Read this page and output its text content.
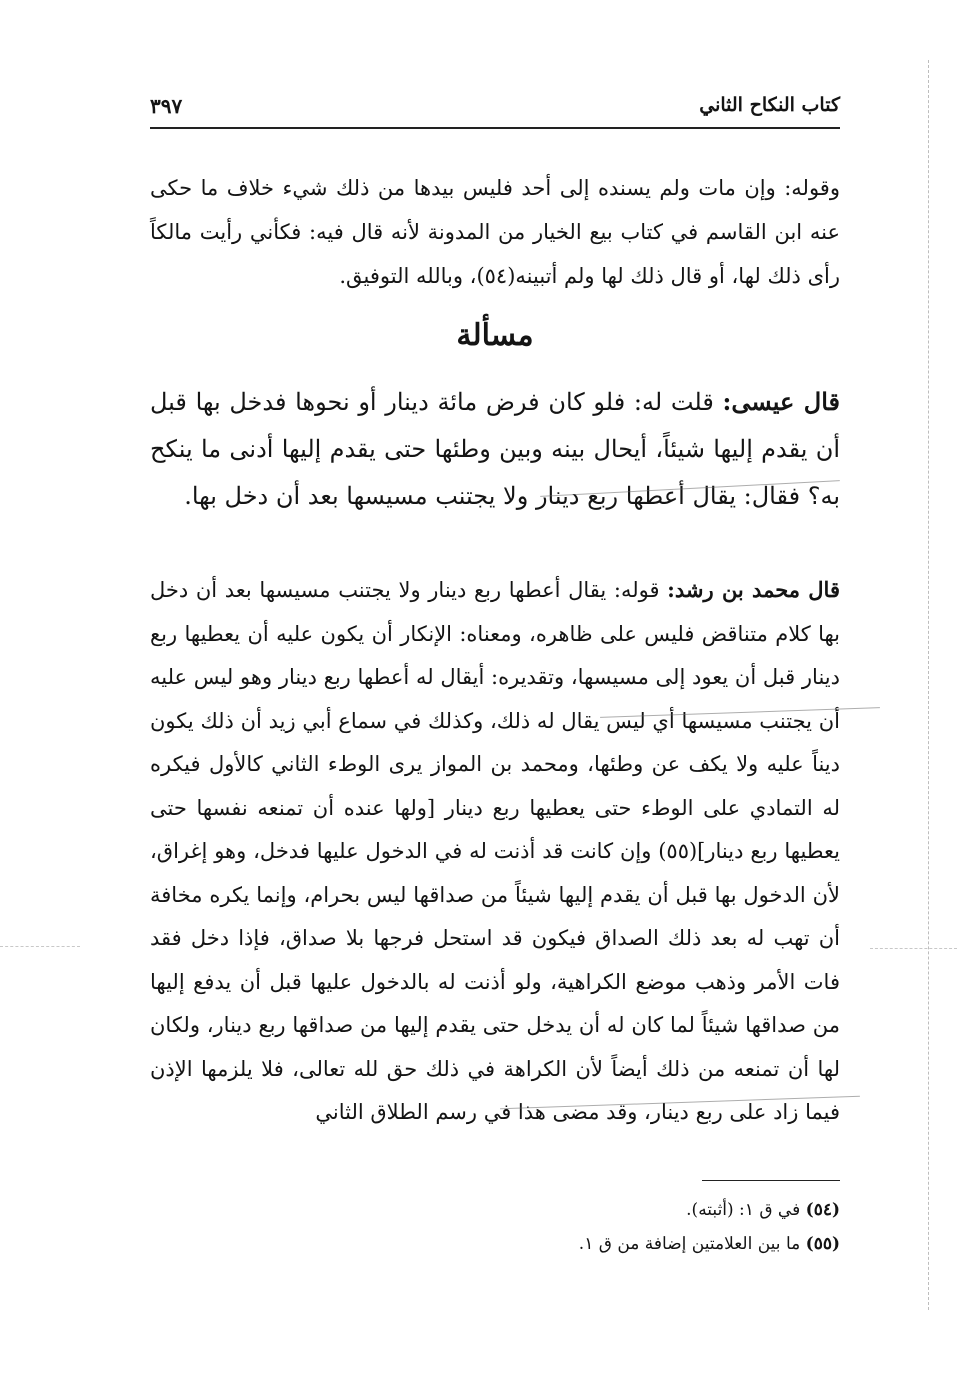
كتاب النكاح الثاني
٣٩٧
وقوله: وإن مات ولم يسنده إلى أحد فليس بيدها من ذلك شيء خلاف ما حكى عنه ابن القاسم في كتاب بيع الخيار من المدونة لأنه قال فيه: فكأني رأيت مالكاً رأى ذلك لها، أو قال ذلك لها ولم أتبينه(٥٤)، وبالله التوفيق.
مسألة
قال عيسى: قلت له: فلو كان فرض مائة دينار أو نحوها فدخل بها قبل أن يقدم إليها شيئاً، أيحال بينه وبين وطئها حتى يقدم إليها أدنى ما ينكح به؟ فقال: يقال أعطها ربع دينار ولا يجتنب مسيسها بعد أن دخل بها.
قال محمد بن رشد: قوله: يقال أعطها ربع دينار ولا يجتنب مسيسها بعد أن دخل بها كلام متناقض فليس على ظاهره، ومعناه: الإنكار أن يكون عليه أن يعطيها ربع دينار قبل أن يعود إلى مسيسها، وتقديره: أيقال له أعطها ربع دينار وهو ليس عليه أن يجتنب مسيسها أي ليس يقال له ذلك، وكذلك في سماع أبي زيد أن ذلك يكون ديناً عليه ولا يكف عن وطئها، ومحمد بن المواز يرى الوطء الثاني كالأول فيكره له التمادي على الوطء حتى يعطيها ربع دينار [ولها عنده أن تمنعه نفسها حتى يعطيها ربع دينار](٥٥) وإن كانت قد أذنت له في الدخول عليها فدخل، وهو إغراق، لأن الدخول بها قبل أن يقدم إليها شيئاً من صداقها ليس بحرام، وإنما يكره مخافة أن تهب له بعد ذلك الصداق فيكون قد استحل فرجها بلا صداق، فإذا دخل فقد فات الأمر وذهب موضع الكراهية، ولو أذنت له بالدخول عليها قبل أن يدفع إليها من صداقها شيئاً لما كان له أن يدخل حتى يقدم إليها من صداقها ربع دينار، ولكان لها أن تمنعه من ذلك أيضاً لأن الكراهة في ذلك حق لله تعالى، فلا يلزمها الإذن فيما زاد على ربع دينار، وقد مضى هذا في رسم الطلاق الثاني
(٥٤) في ق ١: (أثبته).
(٥٥) ما بين العلامتين إضافة من ق ١.
